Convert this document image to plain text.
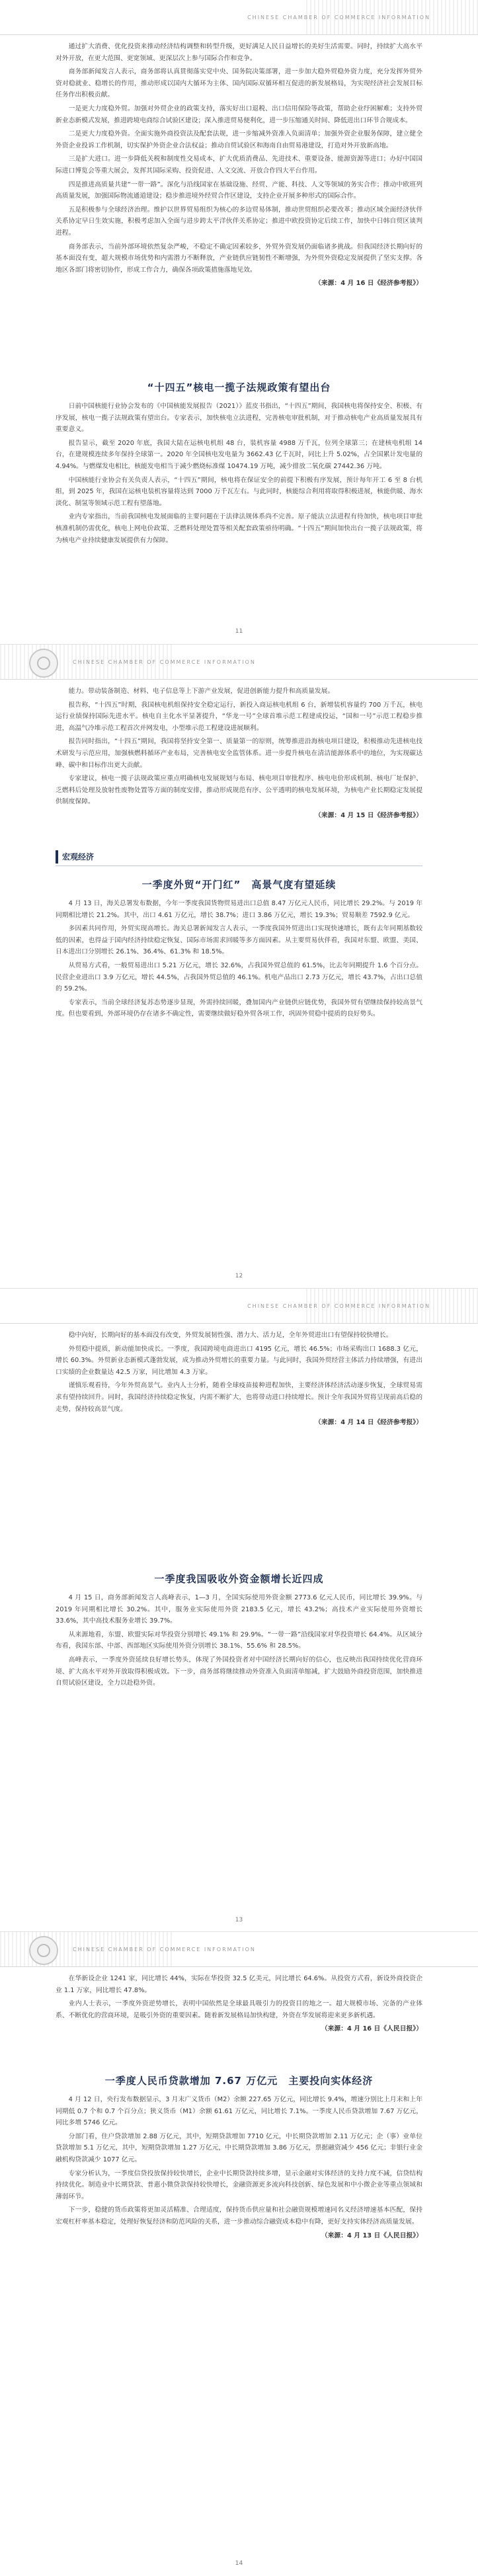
CHINESE CHAMBER OF COMMERCE INFORMATION

通过扩大消费、优化投资来推动经济结构调整和转型升级，更好满足人民日益增长的美好生活需要。同时，持续扩大高水平对外开放，在更大范围、更宽领域、更深层次上参与国际合作和竞争。

商务部新闻发言人表示，商务部将认真贯彻落实党中央、国务院决策部署，进一步加大稳外贸稳外资力度，充分发挥外贸外资对稳就业、稳增长的作用，推动形成以国内大循环为主体、国内国际双循环相互促进的新发展格局，为实现经济社会发展目标任务作出积极贡献。

一是更大力度稳外贸。加强对外贸企业的政策支持，落实好出口退税、出口信用保险等政策，帮助企业纾困解难；支持外贸新业态新模式发展，推进跨境电商综合试验区建设；深入推进贸易便利化，进一步压缩通关时间、降低进出口环节合规成本。

二是更大力度稳外资。全面实施外商投资法及配套法规，进一步缩减外资准入负面清单；加强外资企业服务保障，建立健全外资企业投诉工作机制，切实保护外资企业合法权益；推动自贸试验区和海南自由贸易港建设，打造对外开放新高地。

三是扩大进口。进一步降低关税和制度性交易成本，扩大优质消费品、先进技术、重要设备、能源资源等进口；办好中国国际进口博览会等重大展会，发挥其国际采购、投资促进、人文交流、开放合作四大平台作用。

四是推进高质量共建“一带一路”。深化与沿线国家在基础设施、经贸、产能、科技、人文等领域的务实合作；推动中欧班列高质量发展，加强国际物流通道建设；稳步推进境外经贸合作区建设，支持企业开展多种形式的国际合作。

五是积极参与全球经济治理。维护以世界贸易组织为核心的多边贸易体制，推动世贸组织必要改革；推动区域全面经济伙伴关系协定早日生效实施，积极考虑加入全面与进步跨太平洋伙伴关系协定；推进中欧投资协定后续工作，加快中日韩自贸区谈判进程。

商务部表示，当前外部环境依然复杂严峻，不稳定不确定因素较多，外贸外资发展仍面临诸多挑战。但我国经济长期向好的基本面没有变，超大规模市场优势和内需潜力不断释放，产业链供应链韧性不断增强，为外贸外资稳定发展提供了坚实支撑。各地区各部门将密切协作，形成工作合力，确保各项政策措施落地见效。

（来源：4 月 16 日《经济参考报》）

“十四五”核电一揽子法规政策有望出台

日前中国核能行业协会发布的《中国核能发展报告（2021）》蓝皮书指出，“十四五”期间，我国核电将保持安全、积极、有序发展，核电一揽子法规政策有望出台。专家表示，加快核电立法进程，完善核电审批机制，对于推动核电产业高质量发展具有重要意义。

报告显示，截至 2020 年底，我国大陆在运核电机组 48 台，装机容量 4988 万千瓦，位列全球第三；在建核电机组 14 台，在建规模连续多年保持全球第一。2020 年全国核电发电量为 3662.43 亿千瓦时，同比上升 5.02%，占全国累计发电量的 4.94%。与燃煤发电相比，核能发电相当于减少燃烧标准煤 10474.19 万吨，减少排放二氧化碳 27442.36 万吨。

中国核能行业协会有关负责人表示，“十四五”期间，核电将在保证安全的前提下积极有序发展，预计每年开工 6 至 8 台机组，到 2025 年，我国在运核电装机容量将达到 7000 万千瓦左右。与此同时，核能综合利用将取得积极进展，核能供暖、海水淡化、制氢等领域示范工程有望落地。

业内专家指出，当前我国核电发展面临的主要问题在于法律法规体系尚不完善。原子能法立法进程有待加快，核电项目审批核准机制仍需优化，核电上网电价政策、乏燃料处理处置等相关配套政策亟待明确。“十四五”期间加快出台一揽子法规政策，将为核电产业持续健康发展提供有力保障。

11
CHINESE CHAMBER OF COMMERCE INFORMATION

能力。带动装备制造、材料、电子信息等上下游产业发展，促进创新能力提升和高质量发展。

报告称，“十四五”时期，我国核电机组保持安全稳定运行，新投入商运核电机组 6 台，新增装机容量约 700 万千瓦，核电运行业绩保持国际先进水平。核电自主化水平显著提升，“华龙一号”全球首堆示范工程建成投运，“国和一号”示范工程稳步推进，高温气冷堆示范工程首次并网发电，小型堆示范工程建设进展顺利。

报告同时指出，“十四五”期间，我国将坚持安全第一、质量第一的原则，统筹推进沿海核电项目建设，积极推动先进核电技术研发与示范应用，加强核燃料循环产业布局，完善核电安全监管体系。进一步提升核电在清洁能源体系中的地位，为实现碳达峰、碳中和目标作出更大贡献。

专家建议，核电一揽子法规政策应重点明确核电发展规划与布局、核电项目审批程序、核电电价形成机制、核电厂址保护、乏燃料后处理及放射性废物处置等方面的制度安排，推动形成规范有序、公平透明的核电发展环境，为核电产业长期稳定发展提供制度保障。

（来源：4 月 15 日《经济参考报》）

宏观经济
一季度外贸“开门红”　高景气度有望延续

4 月 13 日，海关总署发布数据，今年一季度我国货物贸易进出口总值 8.47 万亿元人民币，同比增长 29.2%。与 2019 年同期相比增长 21.2%。其中，出口 4.61 万亿元，增长 38.7%；进口 3.86 万亿元，增长 19.3%；贸易顺差 7592.9 亿元。

多因素共同作用，外贸实现高增长。海关总署新闻发言人表示，一季度我国外贸进出口实现快速增长，既有去年同期基数较低的因素，也得益于国内经济持续稳定恢复、国际市场需求回暖等多方面因素。从主要贸易伙伴看，我国对东盟、欧盟、美国、日本进出口分别增长 26.1%、36.4%、61.3% 和 18.5%。

从贸易方式看，一般贸易进出口 5.21 万亿元，增长 32.6%，占我国外贸总值的 61.5%，比去年同期提升 1.6 个百分点。民营企业进出口 3.9 万亿元，增长 44.5%，占我国外贸总值的 46.1%。机电产品出口 2.73 万亿元，增长 43.7%，占出口总值的 59.2%。

专家表示，当前全球经济复苏态势逐步显现，外需持续回暖，叠加国内产业链供应链优势，我国外贸有望继续保持较高景气度。但也要看到，外部环境仍存在诸多不确定性，需要继续做好稳外贸各项工作，巩固外贸稳中提质的良好势头。

12
CHINESE CHAMBER OF COMMERCE INFORMATION

稳中向好，长期向好的基本面没有改变，外贸发展韧性强、潜力大、活力足，全年外贸进出口有望保持较快增长。

外贸稳中提质，新动能加快成长。一季度，我国跨境电商进出口 4195 亿元，增长 46.5%；市场采购出口 1688.3 亿元，增长 60.3%。外贸新业态新模式蓬勃发展，成为推动外贸增长的重要力量。与此同时，我国外贸经营主体活力持续增强，有进出口实绩的企业数量达 42.5 万家，同比增加 4.3 万家。

谨慎乐观看待，今年外贸高景气。业内人士分析，随着全球疫苗接种进程加快，主要经济体经济活动逐步恢复，全球贸易需求有望持续回升。同时，我国经济持续稳定恢复，内需不断扩大，也将带动进口持续增长。预计全年我国外贸将呈现前高后稳的走势，保持较高景气度。

（来源：4 月 14 日《经济参考报》）

一季度我国吸收外资金额增长近四成

4 月 15 日，商务部新闻发言人高峰表示，1—3 月，全国实际使用外资金额 2773.6 亿元人民币，同比增长 39.9%。与 2019 年同期相比增长 30.2%。其中，服务业实际使用外资 2183.5 亿元，增长 43.2%；高技术产业实际使用外资增长 33.6%，其中高技术服务业增长 39.7%。

从来源地看，东盟、欧盟实际对华投资分别增长 49.1% 和 29.9%。“一带一路”沿线国家对华投资增长 64.4%。从区域分布看，我国东部、中部、西部地区实际使用外资分别增长 38.1%、55.6% 和 28.5%。

高峰表示，一季度外资延续良好增长势头，体现了外国投资者对中国经济长期向好的信心，也反映出我国持续优化营商环境、扩大高水平对外开放取得积极成效。下一步，商务部将继续推动外资准入负面清单缩减，扩大鼓励外商投资范围，加快推进自贸试验区建设，全力以赴稳外资。

13
CHINESE CHAMBER OF COMMERCE INFORMATION

在华新设企业 1241 家，同比增长 44%，实际在华投资 32.5 亿美元，同比增长 64.6%。从投资方式看，新设外商投资企业 1.1 万家，同比增长 47.8%。

业内人士表示，一季度外资逆势增长，表明中国依然是全球最具吸引力的投资目的地之一。超大规模市场、完备的产业体系、不断优化的营商环境，是吸引外资的重要因素。随着新发展格局加快构建，外资在华发展将迎来更多新机遇。

（来源：4 月 16 日《人民日报》）

一季度人民币贷款增加 7.67 万亿元　主要投向实体经济

4 月 12 日，央行发布数据显示，3 月末广义货币（M2）余额 227.65 万亿元，同比增长 9.4%，增速分别比上月末和上年同期低 0.7 个和 0.7 个百分点；狭义货币（M1）余额 61.61 万亿元，同比增长 7.1%。一季度人民币贷款增加 7.67 万亿元，同比多增 5746 亿元。

分部门看，住户贷款增加 2.88 万亿元，其中，短期贷款增加 7710 亿元，中长期贷款增加 2.11 万亿元；企（事）业单位贷款增加 5.1 万亿元，其中，短期贷款增加 1.27 万亿元，中长期贷款增加 3.86 万亿元，票据融资减少 456 亿元；非银行业金融机构贷款减少 1077 亿元。

专家分析认为，一季度信贷投放保持较快增长，企业中长期贷款持续多增，显示金融对实体经济的支持力度不减，信贷结构持续优化。制造业中长期贷款、普惠小微贷款保持较快增长，金融资源更多流向科技创新、绿色发展和中小微企业等重点领域和薄弱环节。

下一步，稳健的货币政策将更加灵活精准、合理适度，保持货币供应量和社会融资规模增速同名义经济增速基本匹配，保持宏观杠杆率基本稳定，处理好恢复经济和防范风险的关系，进一步推动综合融资成本稳中有降，更好支持实体经济高质量发展。

（来源：4 月 13 日《人民日报》）

14
